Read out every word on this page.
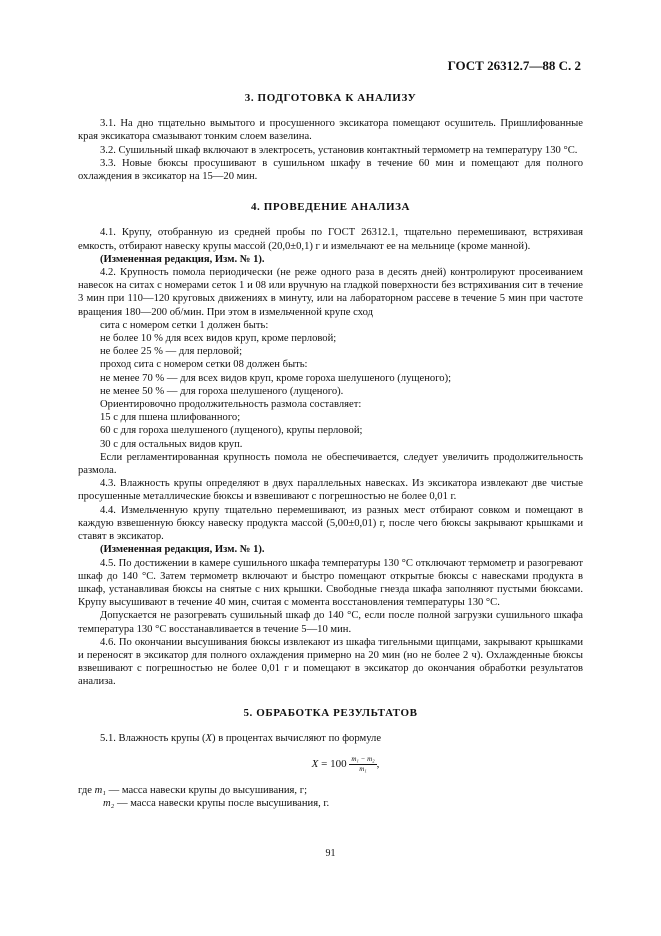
ГОСТ 26312.7—88 С. 2
3. ПОДГОТОВКА К АНАЛИЗУ

3.1. На дно тщательно вымытого и просушенного эксикатора помещают осушитель. Пришлифованные края эксикатора смазывают тонким слоем вазелина.

3.2. Сушильный шкаф включают в электросеть, установив контактный термометр на температуру 130 °С.

3.3. Новые бюксы просушивают в сушильном шкафу в течение 60 мин и помещают для полного охлаждения в эксикатор на 15—20 мин.

4. ПРОВЕДЕНИЕ АНАЛИЗА

4.1. Крупу, отобранную из средней пробы по ГОСТ 26312.1, тщательно перемешивают, встряхивая емкость, отбирают навеску крупы массой (20,0±0,1) г и измельчают ее на мельнице (кроме манной).

(Измененная редакция, Изм. № 1).

4.2. Крупность помола периодически (не реже одного раза в десять дней) контролируют просеиванием навесок на ситах с номерами сеток 1 и 08 или вручную на гладкой поверхности без встряхивания сит в течение 3 мин при 110—120 круговых движениях в минуту, или на лабораторном рассеве в течение 5 мин при частоте вращения 180—200 об/мин. При этом в измельченной крупе сход

сита с номером сетки 1 должен быть:

не более 10 % для всех видов круп, кроме перловой;

не более 25 % — для перловой;

проход сита с номером сетки 08 должен быть:

не менее 70 % — для всех видов круп, кроме гороха шелушеного (лущеного);

не менее 50 % — для гороха шелушеного (лущеного).

Ориентировочно продолжительность размола составляет:

15 с для пшена шлифованного;

60 с для гороха шелушеного (лущеного), крупы перловой;

30 с для остальных видов круп.

Если регламентированная крупность помола не обеспечивается, следует увеличить продолжительность размола.

4.3. Влажность крупы определяют в двух параллельных навесках. Из эксикатора извлекают две чистые просушенные металлические бюксы и взвешивают с погрешностью не более 0,01 г.

4.4. Измельченную крупу тщательно перемешивают, из разных мест отбирают совком и помещают в каждую взвешенную бюксу навеску продукта массой (5,00±0,01) г, после чего бюксы закрывают крышками и ставят в эксикатор.

(Измененная редакция, Изм. № 1).

4.5. По достижении в камере сушильного шкафа температуры 130 °С отключают термометр и разогревают шкаф до 140 °С. Затем термометр включают и быстро помещают открытые бюксы с навесками продукта в шкаф, устанавливая бюксы на снятые с них крышки. Свободные гнезда шкафа заполняют пустыми бюксами. Крупу высушивают в течение 40 мин, считая с момента восстановления температуры 130 °С.

Допускается не разогревать сушильный шкаф до 140 °С, если после полной загрузки сушильного шкафа температура 130 °С восстанавливается в течение 5—10 мин.

4.6. По окончании высушивания бюксы извлекают из шкафа тигельными щипцами, закрывают крышками и переносят в эксикатор для полного охлаждения примерно на 20 мин (но не более 2 ч). Охлажденные бюксы взвешивают с погрешностью не более 0,01 г и помещают в эксикатор до окончания обработки результатов анализа.

5. ОБРАБОТКА РЕЗУЛЬТАТОВ

5.1. Влажность крупы (X) в процентах вычисляют по формуле

$X = 100 \frac{\text{m₁ − m₂}}{\text{m₁}}$ ,

где m₁ — масса навески крупы до высушивания, г;

m₂ — масса навески крупы после высушивания, г.

91
